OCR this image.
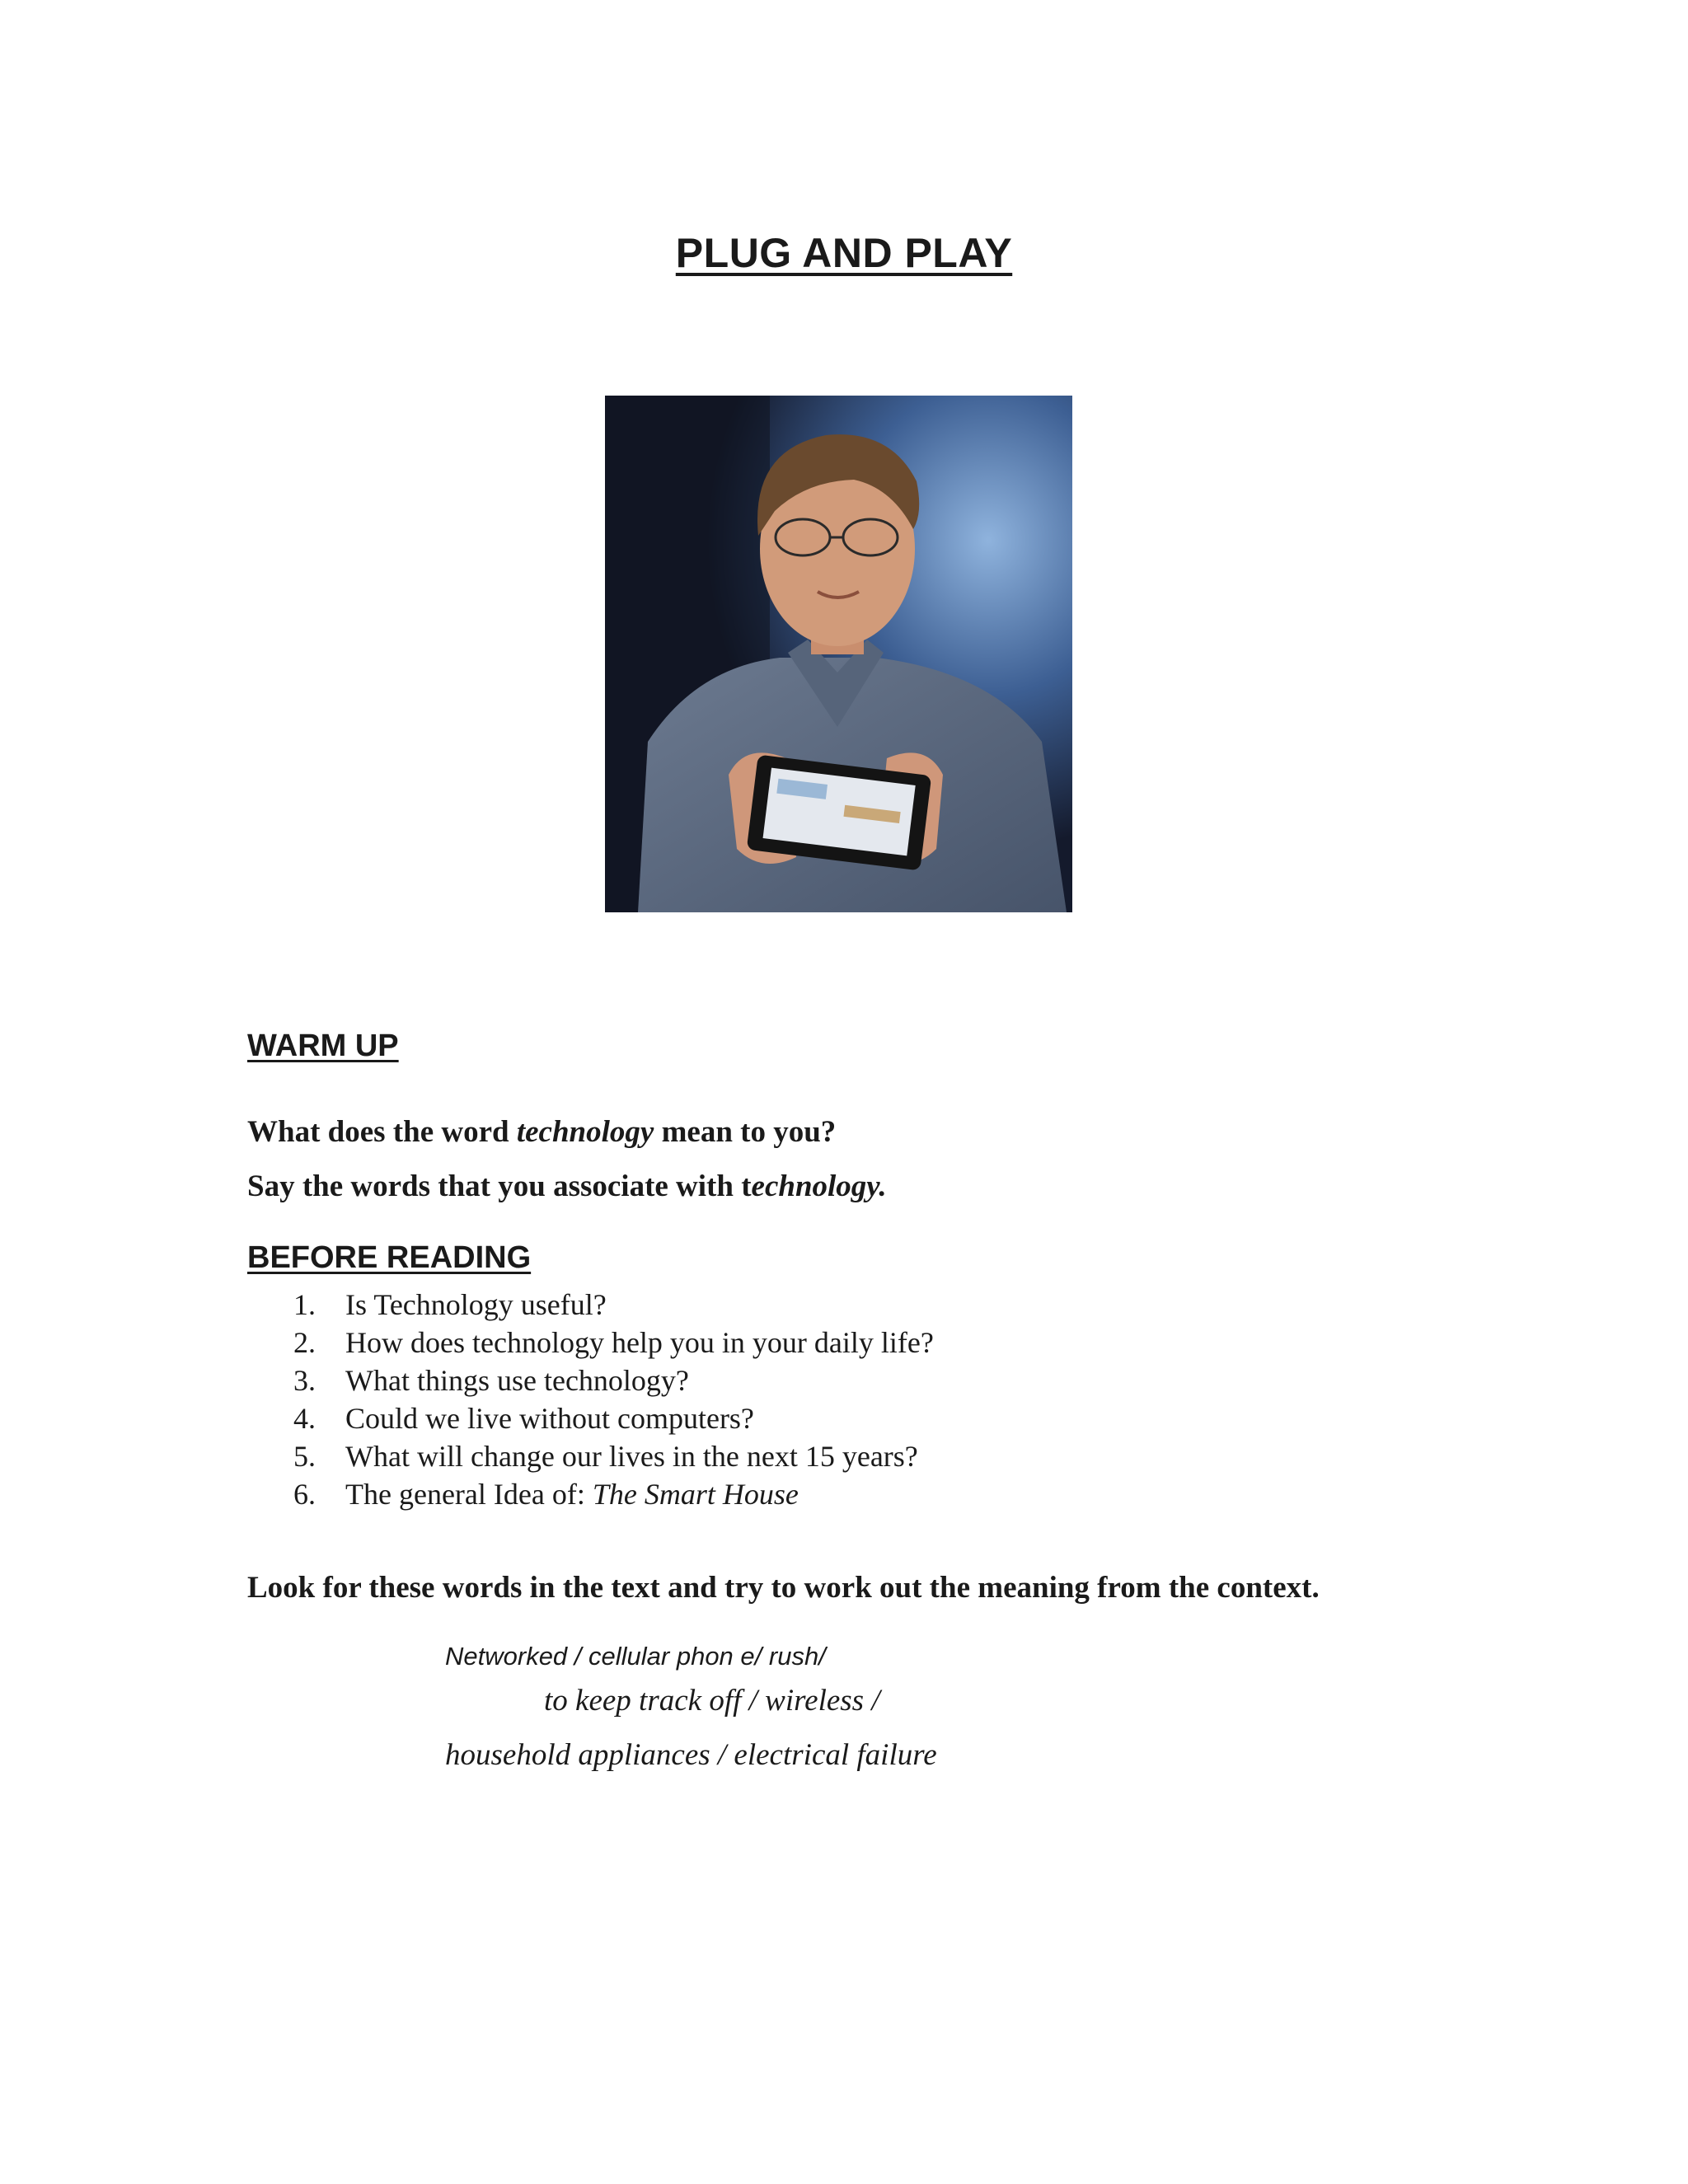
PLUG AND PLAY
WARM UP
What does the word technology mean to you?
Say the words that you associate with technology.
BEFORE READING
1. Is Technology useful?
2. How does technology help you in your daily life?
3. What things use technology?
4. Could we live without computers?
5. What will change our lives in the next 15 years?
6. The general Idea of: The Smart House
Look for these words in the text and try to work out the meaning from the context.
Networked / cellular phon e/ rush/
to keep track off / wireless /
household appliances / electrical failure
